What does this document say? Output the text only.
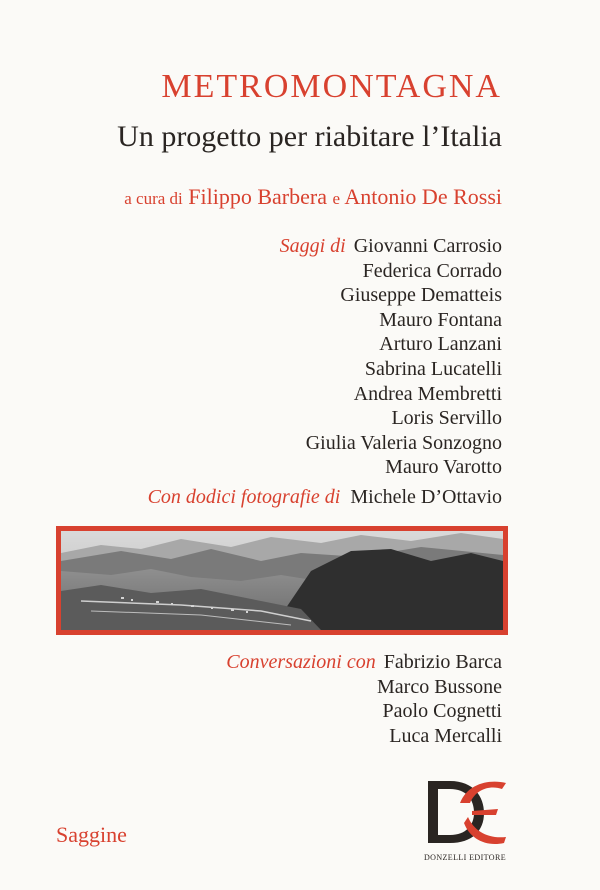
METROMONTAGNA
Un progetto per riabitare l’Italia
a cura di Filippo Barbera e Antonio De Rossi
Saggi di Giovanni Carrosio
Federica Corrado
Giuseppe Dematteis
Mauro Fontana
Arturo Lanzani
Sabrina Lucatelli
Andrea Membretti
Loris Servillo
Giulia Valeria Sonzogno
Mauro Varotto
Con dodici fotografie di Michele D’Ottavio
Conversazioni con Fabrizio Barca
Marco Bussone
Paolo Cognetti
Luca Mercalli
Saggine
DONZELLI EDITORE
